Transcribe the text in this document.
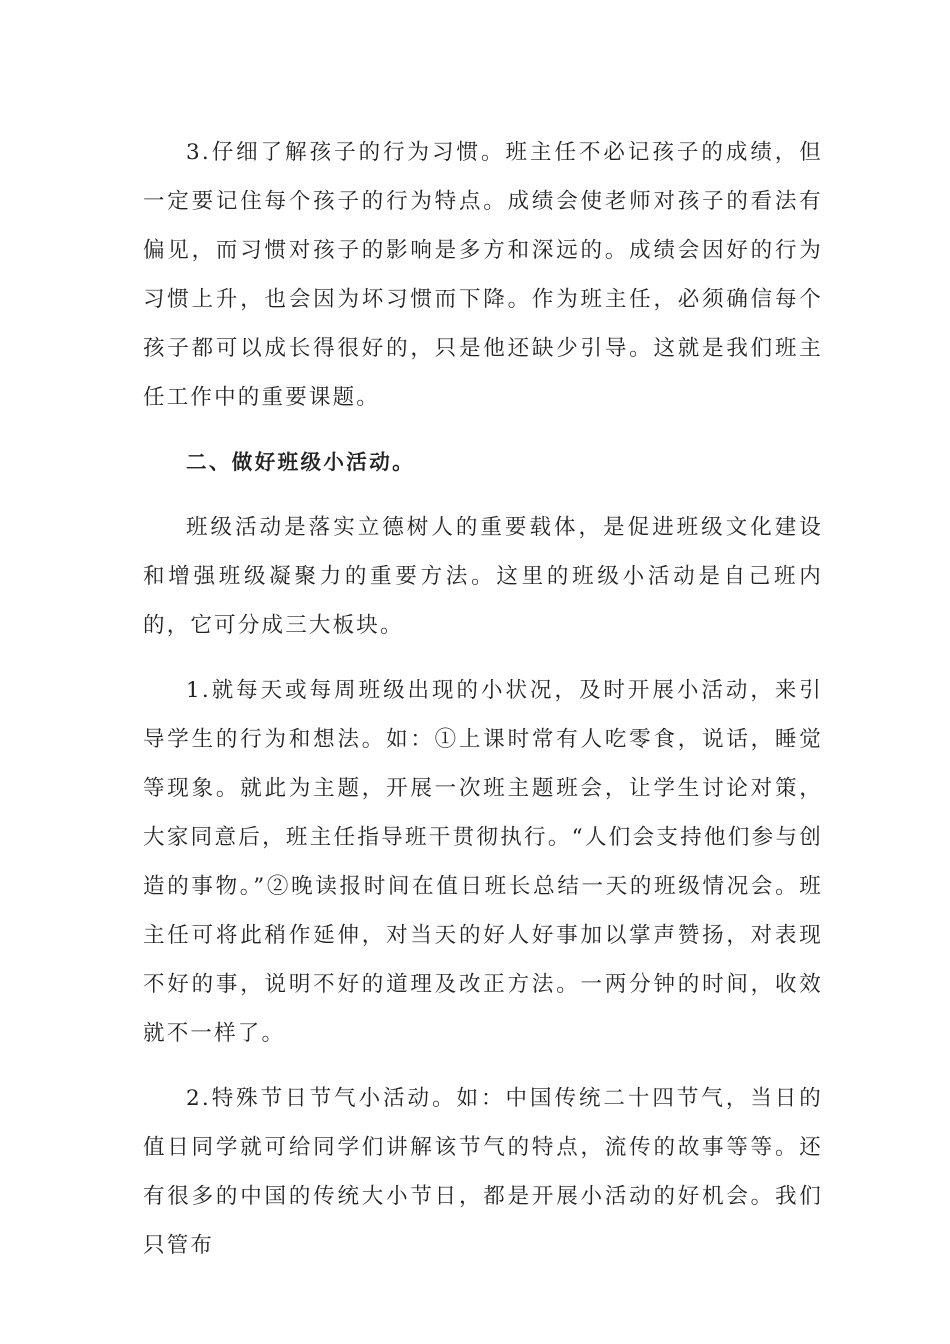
3.仔细了解孩子的行为习惯。班主任不必记孩子的成绩，但一定要记住每个孩子的行为特点。成绩会使老师对孩子的看法有偏见，而习惯对孩子的影响是多方和深远的。成绩会因好的行为习惯上升，也会因为坏习惯而下降。作为班主任，必须确信每个孩子都可以成长得很好的，只是他还缺少引导。这就是我们班主任工作中的重要课题。

二、做好班级小活动。

班级活动是落实立德树人的重要载体，是促进班级文化建设和增强班级凝聚力的重要方法。这里的班级小活动是自己班内的，它可分成三大板块。

1.就每天或每周班级出现的小状况，及时开展小活动，来引导学生的行为和想法。如：①上课时常有人吃零食，说话，睡觉等现象。就此为主题，开展一次班主题班会，让学生讨论对策，大家同意后，班主任指导班干贯彻执行。“人们会支持他们参与创造的事物。”②晚读报时间在值日班长总结一天的班级情况会。班主任可将此稍作延伸，对当天的好人好事加以掌声赞扬，对表现不好的事，说明不好的道理及改正方法。一两分钟的时间，收效就不一样了。

2.特殊节日节气小活动。如：中国传统二十四节气，当日的值日同学就可给同学们讲解该节气的特点，流传的故事等等。还有很多的中国的传统大小节日，都是开展小活动的好机会。我们只管布
